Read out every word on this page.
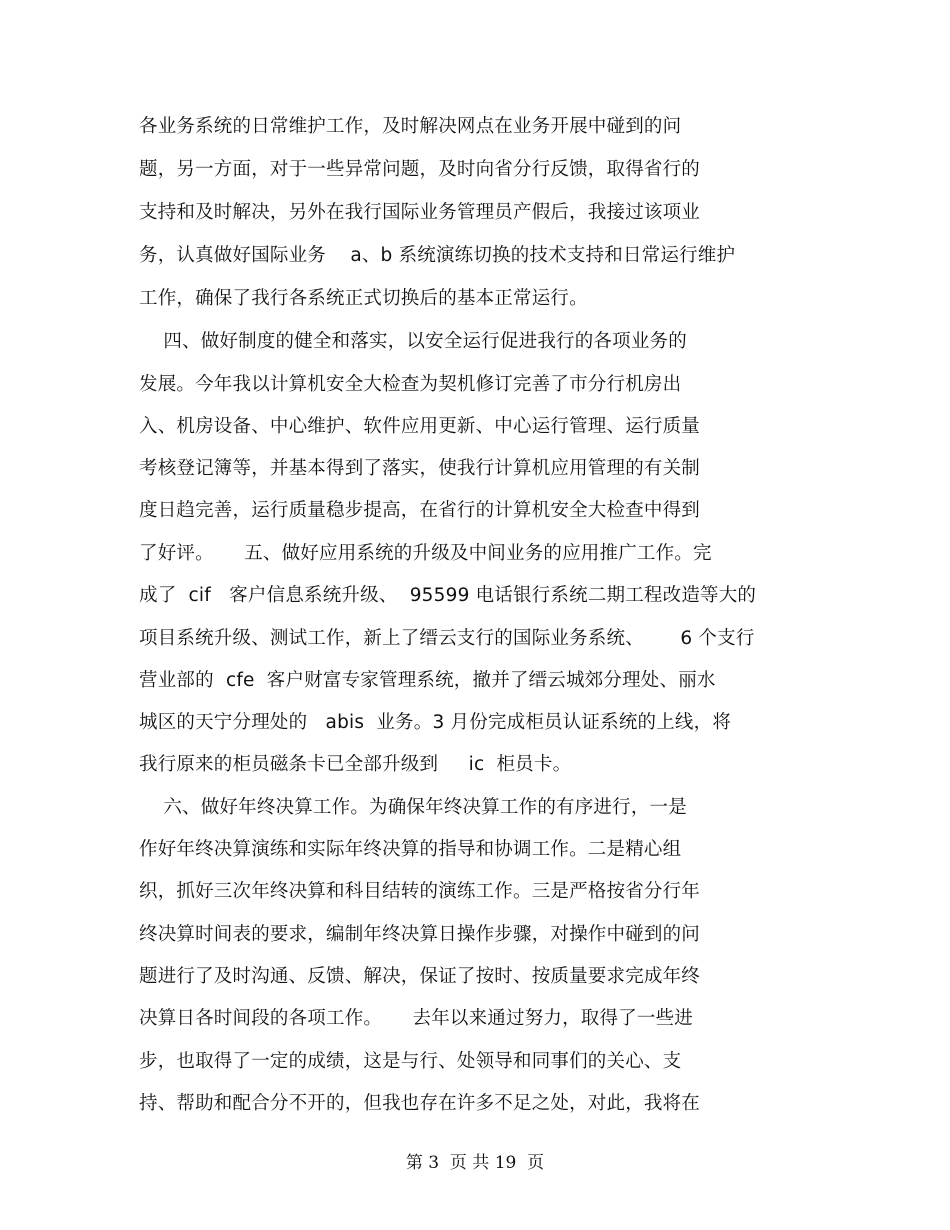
各业务系统的日常维护工作，及时解决网点在业务开展中碰到的问
题，另一方面，对于一些异常问题，及时向省分行反馈，取得省行的
支持和及时解决，另外在我行国际业务管理员产假后，我接过该项业
务，认真做好国际业务    a、b 系统演练切换的技术支持和日常运行维护
工作，确保了我行各系统正式切换后的基本正常运行。
四、做好制度的健全和落实，以安全运行促进我行的各项业务的
发展。今年我以计算机安全大检查为契机修订完善了市分行机房出
入、机房设备、中心维护、软件应用更新、中心运行管理、运行质量
考核登记簿等，并基本得到了落实，使我行计算机应用管理的有关制
度日趋完善，运行质量稳步提高，在省行的计算机安全大检查中得到
了好评。     五、做好应用系统的升级及中间业务的应用推广工作。完
成了  cif   客户信息系统升级、  95599 电话银行系统二期工程改造等大的
项目系统升级、测试工作，新上了缙云支行的国际业务系统、      6 个支行
营业部的  cfe  客户财富专家管理系统，撤并了缙云城郊分理处、丽水
城区的天宁分理处的   abis  业务。3 月份完成柜员认证系统的上线，将
我行原来的柜员磁条卡已全部升级到     ic  柜员卡。
六、做好年终决算工作。为确保年终决算工作的有序进行，一是
作好年终决算演练和实际年终决算的指导和协调工作。二是精心组
织，抓好三次年终决算和科目结转的演练工作。三是严格按省分行年
终决算时间表的要求，编制年终决算日操作步骤，对操作中碰到的问
题进行了及时沟通、反馈、解决，保证了按时、按质量要求完成年终
决算日各时间段的各项工作。     去年以来通过努力，取得了一些进
步，也取得了一定的成绩，这是与行、处领导和同事们的关心、支
持、帮助和配合分不开的，但我也存在许多不足之处，对此，我将在
第 3  页 共 19  页
